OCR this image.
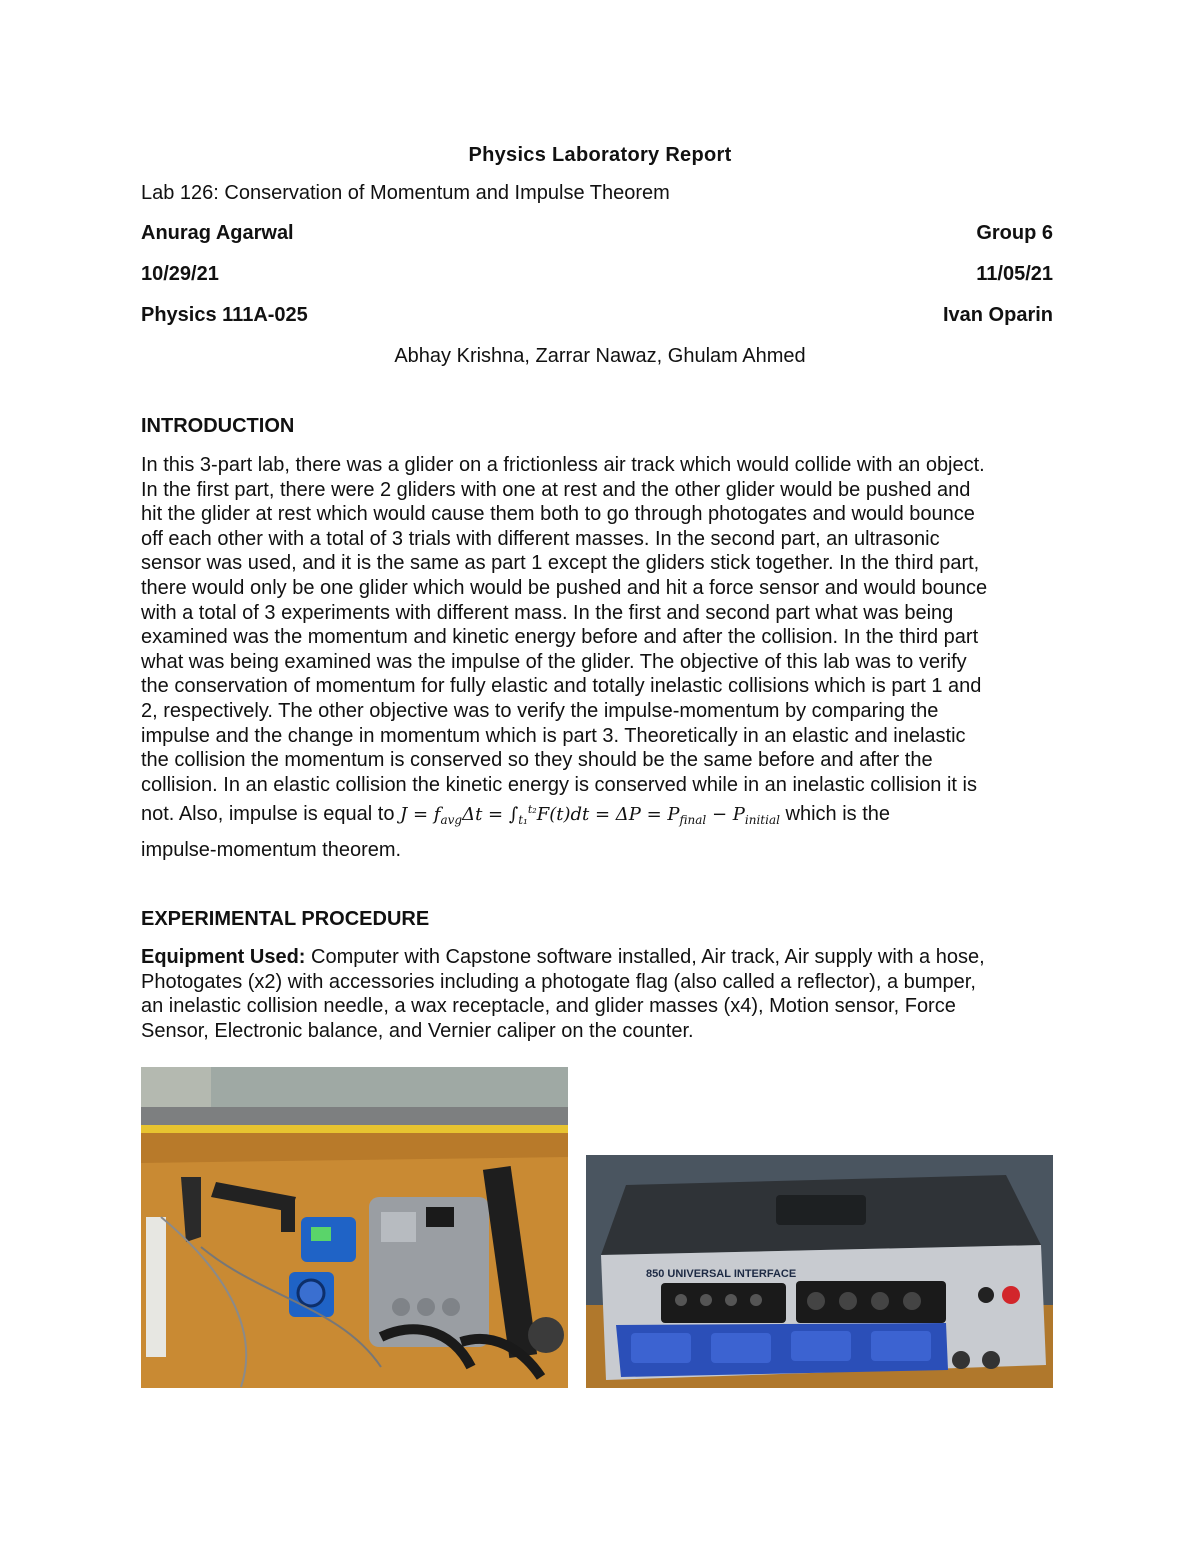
Physics Laboratory Report
Lab 126: Conservation of Momentum and Impulse Theorem
Anurag Agarwal	Group 6
10/29/21	11/05/21
Physics 111A-025	Ivan Oparin
Abhay Krishna, Zarrar Nawaz, Ghulam Ahmed
INTRODUCTION
In this 3-part lab, there was a glider on a frictionless air track which would collide with an object.
In the first part, there were 2 gliders with one at rest and the other glider would be pushed and
hit the glider at rest which would cause them both to go through photogates and would bounce
off each other with a total of 3 trials with different masses. In the second part, an ultrasonic
sensor was used, and it is the same as part 1 except the gliders stick together. In the third part,
there would only be one glider which would be pushed and hit a force sensor and would bounce
with a total of 3 experiments with different mass. In the first and second part what was being
examined was the momentum and kinetic energy before and after the collision. In the third part
what was being examined was the impulse of the glider. The objective of this lab was to verify
the conservation of momentum for fully elastic and totally inelastic collisions which is part 1 and
2, respectively. The other objective was to verify the impulse-momentum by comparing the
impulse and the change in momentum which is part 3. Theoretically in an elastic and inelastic
the collision the momentum is conserved so they should be the same before and after the
collision. In an elastic collision the kinetic energy is conserved while in an inelastic collision it is
not. Also, impulse is equal to $J = f_{avg}\Delta t = \int_{t_1}^{t_2}F(t)dt = \Delta P = P_{final} - P_{initial}$ which is the
impulse-momentum theorem.
EXPERIMENTAL PROCEDURE
Equipment Used: Computer with Capstone software installed, Air track, Air supply with a hose,
Photogates (x2) with accessories including a photogate flag (also called a reflector), a bumper,
an inelastic collision needle, a wax receptacle, and glider masses (x4), Motion sensor, Force
Sensor, Electronic balance, and Vernier caliper on the counter.
850 UNIVERSAL INTERFACE
